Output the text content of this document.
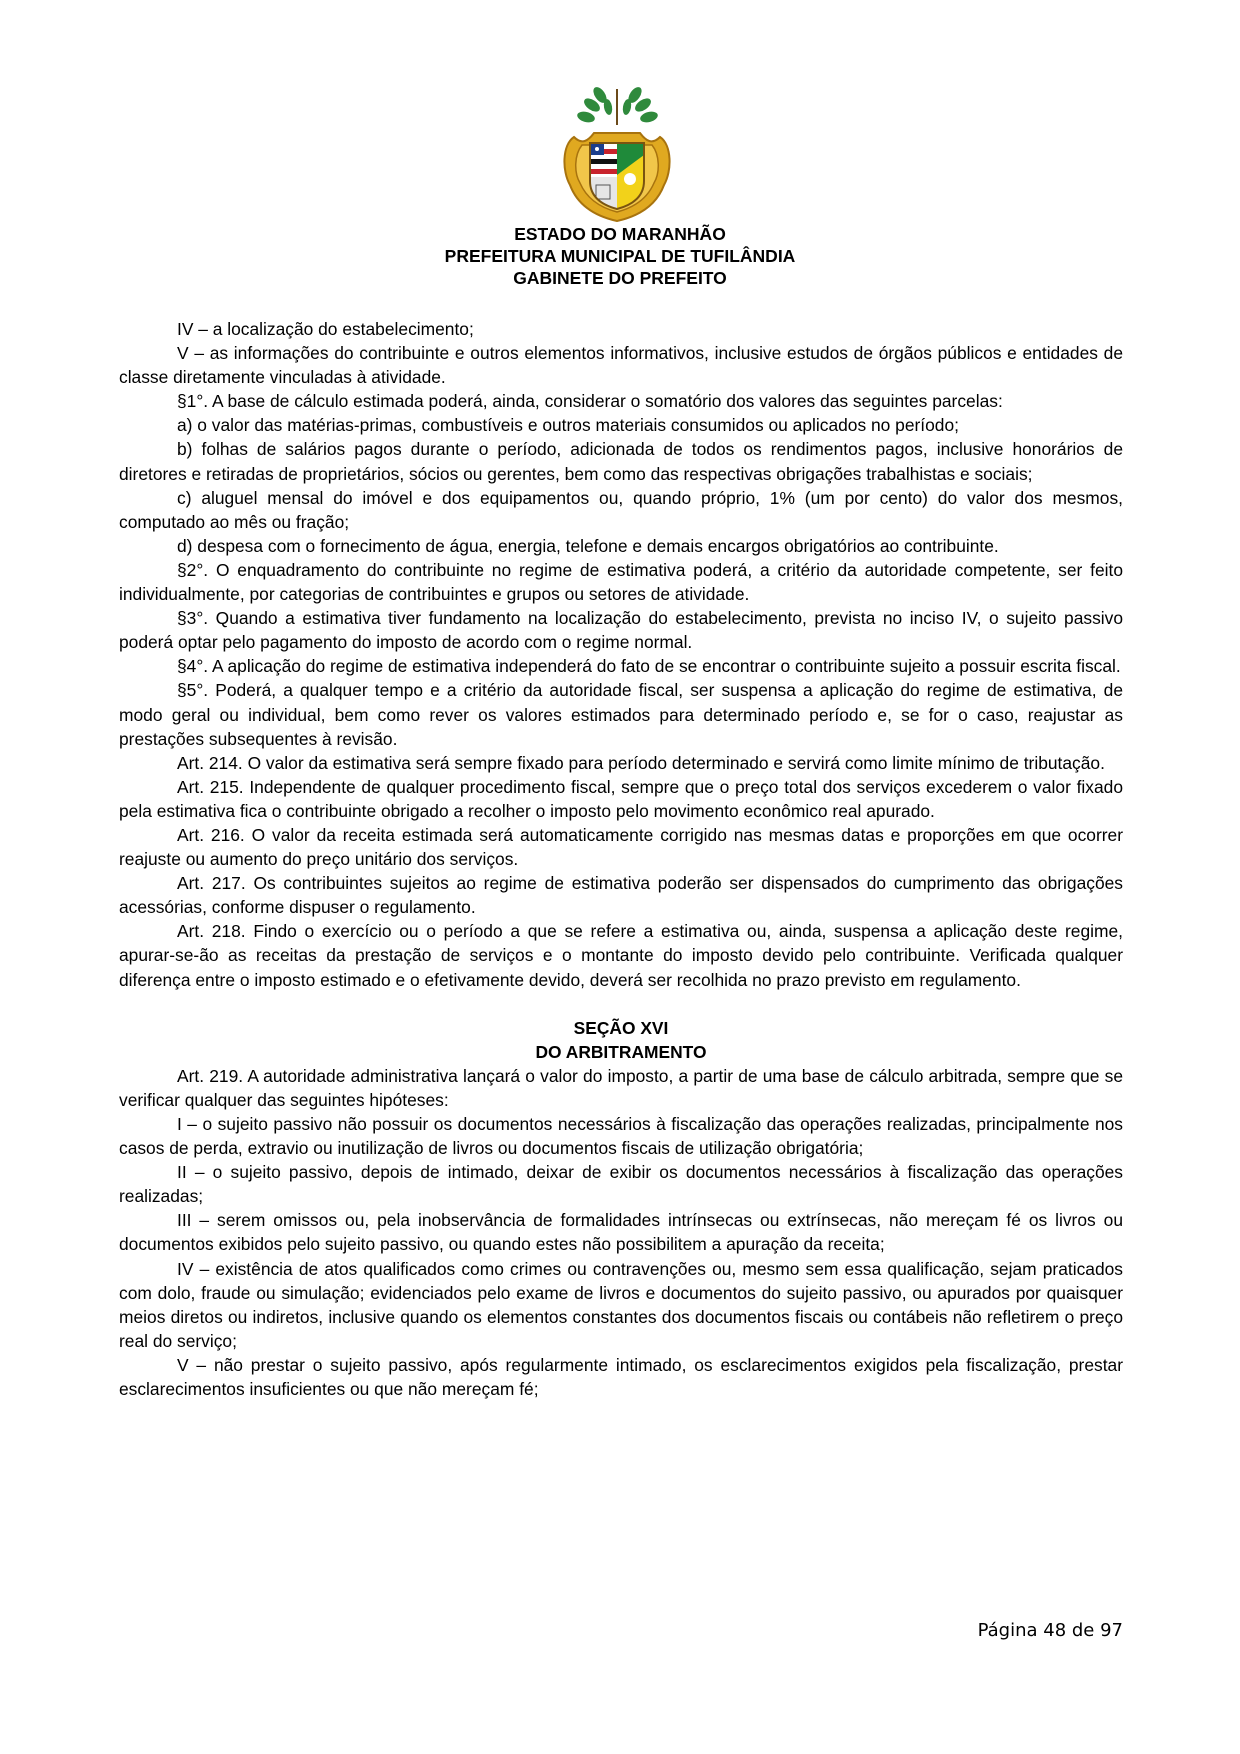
ESTADO DO MARANHÃO
PREFEITURA MUNICIPAL DE TUFILÂNDIA
GABINETE DO PREFEITO

IV – a localização do estabelecimento;

V – as informações do contribuinte e outros elementos informativos, inclusive estudos de órgãos públicos e entidades de classe diretamente vinculadas à atividade.

§1°. A base de cálculo estimada poderá, ainda, considerar o somatório dos valores das seguintes parcelas:

a) o valor das matérias-primas, combustíveis e outros materiais consumidos ou aplicados no período;

b) folhas de salários pagos durante o período, adicionada de todos os rendimentos pagos, inclusive honorários de diretores e retiradas de proprietários, sócios ou gerentes, bem como das respectivas obrigações trabalhistas e sociais;

c) aluguel mensal do imóvel e dos equipamentos ou, quando próprio, 1% (um por cento) do valor dos mesmos, computado ao mês ou fração;

d) despesa com o fornecimento de água, energia, telefone e demais encargos obrigatórios ao contribuinte.

§2°. O enquadramento do contribuinte no regime de estimativa poderá, a critério da autoridade competente, ser feito individualmente, por categorias de contribuintes e grupos ou setores de atividade.

§3°. Quando a estimativa tiver fundamento na localização do estabelecimento, prevista no inciso IV, o sujeito passivo poderá optar pelo pagamento do imposto de acordo com o regime normal.

§4°. A aplicação do regime de estimativa independerá do fato de se encontrar o contribuinte sujeito a possuir escrita fiscal.

§5°. Poderá, a qualquer tempo e a critério da autoridade fiscal, ser suspensa a aplicação do regime de estimativa, de modo geral ou individual, bem como rever os valores estimados para determinado período e, se for o caso, reajustar as prestações subsequentes à revisão.

Art. 214. O valor da estimativa será sempre fixado para período determinado e servirá como limite mínimo de tributação.

Art. 215. Independente de qualquer procedimento fiscal, sempre que o preço total dos serviços excederem o valor fixado pela estimativa fica o contribuinte obrigado a recolher o imposto pelo movimento econômico real apurado.

Art. 216. O valor da receita estimada será automaticamente corrigido nas mesmas datas e proporções em que ocorrer reajuste ou aumento do preço unitário dos serviços.

Art. 217. Os contribuintes sujeitos ao regime de estimativa poderão ser dispensados do cumprimento das obrigações acessórias, conforme dispuser o regulamento.

Art. 218. Findo o exercício ou o período a que se refere a estimativa ou, ainda, suspensa a aplicação deste regime, apurar-se-ão as receitas da prestação de serviços e o montante do imposto devido pelo contribuinte. Verificada qualquer diferença entre o imposto estimado e o efetivamente devido, deverá ser recolhida no prazo previsto em regulamento.

SEÇÃO XVI

DO ARBITRAMENTO

Art. 219. A autoridade administrativa lançará o valor do imposto, a partir de uma base de cálculo arbitrada, sempre que se verificar qualquer das seguintes hipóteses:

I – o sujeito passivo não possuir os documentos necessários à fiscalização das operações realizadas, principalmente nos casos de perda, extravio ou inutilização de livros ou documentos fiscais de utilização obrigatória;

II – o sujeito passivo, depois de intimado, deixar de exibir os documentos necessários à fiscalização das operações realizadas;

III – serem omissos ou, pela inobservância de formalidades intrínsecas ou extrínsecas, não mereçam fé os livros ou documentos exibidos pelo sujeito passivo, ou quando estes não possibilitem a apuração da receita;

IV – existência de atos qualificados como crimes ou contravenções ou, mesmo sem essa qualificação, sejam praticados com dolo, fraude ou simulação; evidenciados pelo exame de livros e documentos do sujeito passivo, ou apurados por quaisquer meios diretos ou indiretos, inclusive quando os elementos constantes dos documentos fiscais ou contábeis não refletirem o preço real do serviço;

V – não prestar o sujeito passivo, após regularmente intimado, os esclarecimentos exigidos pela fiscalização, prestar esclarecimentos insuficientes ou que não mereçam fé;

Página 48 de 97
